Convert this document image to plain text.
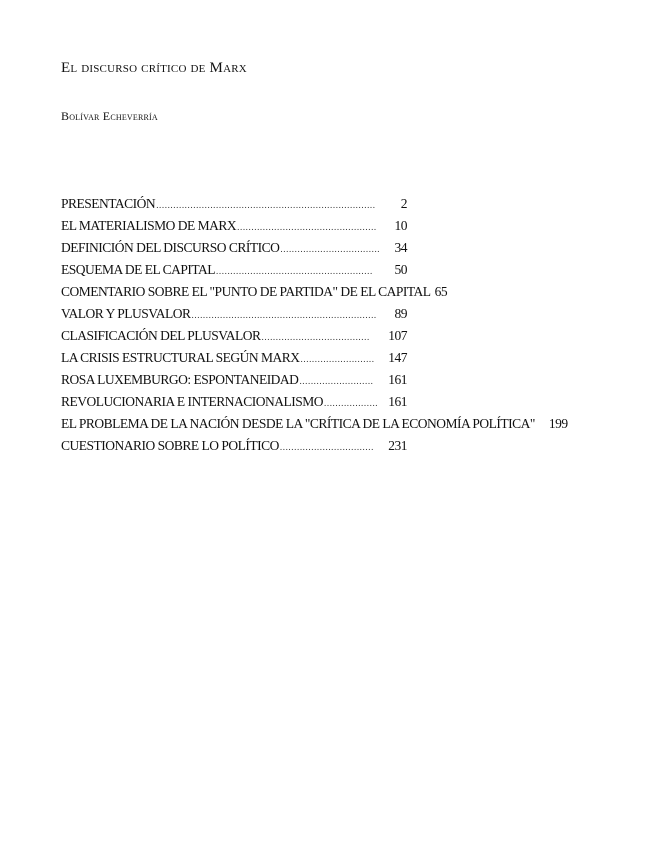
El discurso crítico de Marx
Bolívar Echeverría
PRESENTACIÓN .............................................................................	2
EL MATERIALISMO DE MARX .................................................	10
DEFINICIÓN DEL DISCURSO CRÍTICO ...................................	34
ESQUEMA DE EL CAPITAL .......................................................	50
COMENTARIO SOBRE EL "PUNTO DE PARTIDA" DE EL CAPITAL 65
VALOR Y PLUSVALOR .................................................................	89
CLASIFICACIÓN DEL PLUSVALOR ......................................	107
LA CRISIS ESTRUCTURAL SEGÚN MARX ..........................	147
ROSA LUXEMBURGO: ESPONTANEIDAD ..........................	161
REVOLUCIONARIA E INTERNACIONALISMO ................... 161
EL PROBLEMA DE LA NACIÓN DESDE LA "CRÍTICA DE LA ECONOMÍA POLÍTICA" 199
CUESTIONARIO SOBRE LO POLÍTICO .................................	231
